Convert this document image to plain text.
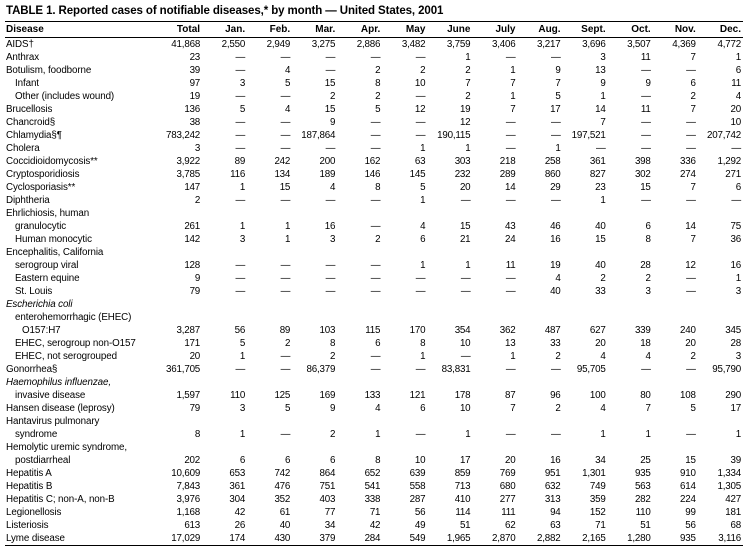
TABLE 1. Reported cases of notifiable diseases,* by month — United States, 2001
Disease	Total	Jan.	Feb.	Mar.	Apr.	May	June	July	Aug.	Sept.	Oct.	Nov.	Dec.
AIDS†	41,868	2,550	2,949	3,275	2,886	3,482	3,759	3,406	3,217	3,696	3,507	4,369	4,772
Anthrax	23	—	—	—	—	—	1	—	—	3	11	7	1
Botulism, foodborne	39	—	4	—	2	2	2	1	9	13	—	—	6
Infant	97	3	5	15	8	10	7	7	7	9	9	6	11
Other (includes wound)	19	—	—	2	2	—	2	1	5	1	—	2	4
Brucellosis	136	5	4	15	5	12	19	7	17	14	11	7	20
Chancroid§	38	—	—	9	—	—	12	—	—	7	—	—	10
Chlamydia§¶	783,242	—	—	187,864	—	—	190,115	—	—	197,521	—	—	207,742
Cholera	3	—	—	—	—	1	1	—	1	—	—	—	—
Coccidioidomycosis**	3,922	89	242	200	162	63	303	218	258	361	398	336	1,292
Cryptosporidiosis	3,785	116	134	189	146	145	232	289	860	827	302	274	271
Cyclosporiasis**	147	1	15	4	8	5	20	14	29	23	15	7	6
Diphtheria	2	—	—	—	—	1	—	—	—	1	—	—	—
Ehrlichiosis, human													
granulocytic	261	1	1	16	—	4	15	43	46	40	6	14	75
Human monocytic	142	3	1	3	2	6	21	24	16	15	8	7	36
Encephalitis, California													
serogroup viral	128	—	—	—	—	1	1	11	19	40	28	12	16
Eastern equine	9	—	—	—	—	—	—	—	4	2	2	—	1
St. Louis	79	—	—	—	—	—	—	—	40	33	3	—	3
Escherichia coli													
enterohemorrhagic (EHEC)													
O157:H7	3,287	56	89	103	115	170	354	362	487	627	339	240	345
EHEC, serogroup non-O157	171	5	2	8	6	8	10	13	33	20	18	20	28
EHEC, not serogrouped	20	1	—	2	—	1	—	1	2	4	4	2	3
Gonorrhea§	361,705	—	—	86,379	—	—	83,831	—	—	95,705	—	—	95,790
Haemophilus influenzae,													
invasive disease	1,597	110	125	169	133	121	178	87	96	100	80	108	290
Hansen disease (leprosy)	79	3	5	9	4	6	10	7	2	4	7	5	17
Hantavirus pulmonary													
syndrome	8	1	—	2	1	—	1	—	—	1	1	—	1
Hemolytic uremic syndrome,													
postdiarrheal	202	6	6	6	8	10	17	20	16	34	25	15	39
Hepatitis A	10,609	653	742	864	652	639	859	769	951	1,301	935	910	1,334
Hepatitis B	7,843	361	476	751	541	558	713	680	632	749	563	614	1,305
Hepatitis C; non-A, non-B	3,976	304	352	403	338	287	410	277	313	359	282	224	427
Legionellosis	1,168	42	61	77	71	56	114	111	94	152	110	99	181
Listeriosis	613	26	40	34	42	49	51	62	63	71	51	56	68
Lyme disease	17,029	174	430	379	284	549	1,965	2,870	2,882	2,165	1,280	935	3,116
